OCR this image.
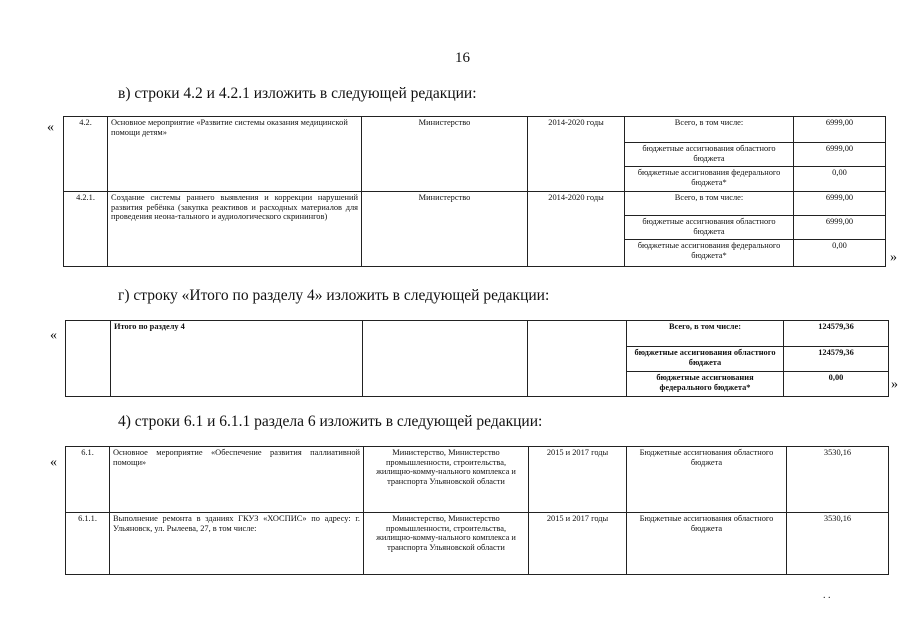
16
в) строки 4.2 и 4.2.1 изложить в следующей редакции:
«	4.2.	Основное мероприятие «Развитие системы оказания медицинской помощи детям»	Министерство	2014-2020 годы	Всего, в том числе:	6999,00
				бюджетные ассигнования областного бюджета	6999,00
				бюджетные ассигнования федерального бюджета*	0,00
4.2.1.	Создание системы раннего выявления и коррекции нарушений развития ребёнка (закупка реактивов и расходных материалов для проведения неона-тального и аудиологического скринингов)	Министерство	2014-2020 годы	Всего, в том числе:	6999,00
				бюджетные ассигнования областного бюджета	6999,00
				бюджетные ассигнования федерального бюджета*	0,00
»
г) строку «Итого по разделу 4» изложить в следующей редакции:
«
	Итого по разделу 4			Всего, в том числе:	124579,36
				бюджетные ассигнования областного бюджета	124579,36
				бюджетные ассигнования федерального бюджета*	0,00	»
4) строки 6.1 и 6.1.1 раздела 6 изложить в следующей редакции:
«
6.1.	Основное мероприятие «Обеспечение развития паллиативной помощи»	Министерство, Министерство промышленности, строительства, жилищно-комму-нального комплекса и транспорта Ульяновской области	2015 и 2017 годы	Бюджетные ассигнования областного бюджета	3530,16
6.1.1.	Выполнение ремонта в зданиях ГКУЗ «ХОСПИС» по адресу: г. Ульяновск, ул. Рылеева, 27, в том числе:	Министерство, Министерство промышленности, строительства, жилищно-комму-нального комплекса и транспорта Ульяновской области	2015 и 2017 годы	Бюджетные ассигнования областного бюджета	3530,16
. .
